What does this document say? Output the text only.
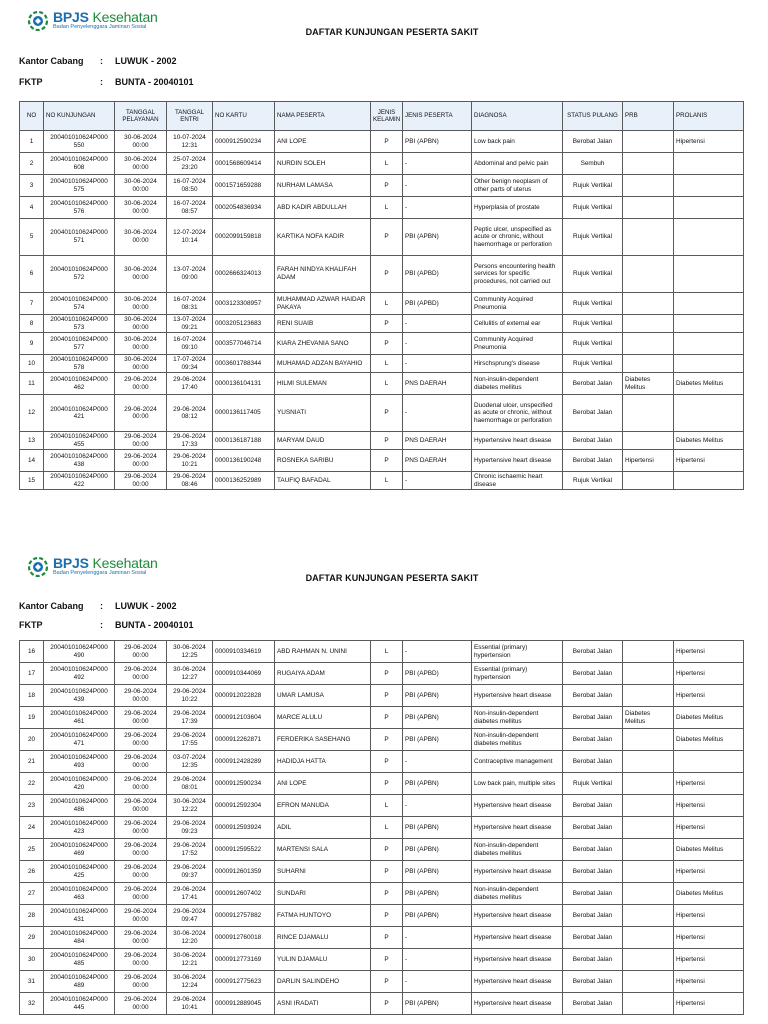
BPJS Kesehatan
Badan Penyelenggara Jaminan Sosial	DAFTAR KUNJUNGAN PESERTA SAKIT
Kantor Cabang : LUWUK - 2002
FKTP	: BUNTA - 20040101
NO	NO KUNJUNGAN	TANGGAL PELAYANAN	TANGGAL ENTRI	NO KARTU	NAMA PESERTA	JENIS KELAMIN	JENIS PESERTA	DIAGNOSA	STATUS PULANG	PRB	PROLANIS
1	200401010624P000 550	30-06-2024 00:00	10-07-2024 12:31	0000912590234	ANI LOPE	P	PBI (APBN)	Low back pain	Berobat Jalan		Hipertensi
2	200401010624P000 608	30-06-2024 00:00	25-07-2024 23:20	0001568609414	NURDIN SOLEH	L	-	Abdominal and pelvic pain	Sembuh		
3	200401010624P000 575	30-06-2024 00:00	16-07-2024 08:50	0001571659288	NURHAM LAMASA	P	-	Other benign neoplasm of other parts of uterus	Rujuk Vertikal		
4	200401010624P000 576	30-06-2024 00:00	16-07-2024 08:57	0002054836934	ABD KADIR ABDULLAH	L	-	Hyperplasia of prostate	Rujuk Vertikal		
5	200401010624P000 571	30-06-2024 00:00	12-07-2024 10:14	0002099159818	KARTIKA NOFA KADIR	P	PBI (APBN)	Peptic ulcer, unspecified as acute or chronic, without haemorrhage or perforation	Rujuk Vertikal		
6	200401010624P000 572	30-06-2024 00:00	13-07-2024 09:00	0002666324013	FARAH NINDYA KHALIFAH ADAM	P	PBI (APBD)	Persons encountering health services for specific procedures, not carried out	Rujuk Vertikal		
7	200401010624P000 574	30-06-2024 00:00	16-07-2024 08:31	0003123308957	MUHAMMAD AZWAR HAIDAR PAKAYA	L	PBI (APBD)	Community Acquired Pneumonia	Rujuk Vertikal		
8	200401010624P000 573	30-06-2024 00:00	13-07-2024 09:21	0003205123683	RENI SUAIB	P	-	Cellulitis of external ear	Rujuk Vertikal		
9	200401010624P000 577	30-06-2024 00:00	16-07-2024 09:10	0003577046714	KIARA ZHEVANIA SANO	P	-	Community Acquired Pneumonia	Rujuk Vertikal		
10	200401010624P000 578	30-06-2024 00:00	17-07-2024 09:34	0003601788344	MUHAMAD ADZAN BAYAHIO	L	-	Hirschsprung's disease	Rujuk Vertikal		
11	200401010624P000 462	29-06-2024 00:00	29-06-2024 17:40	0000136104131	HILMI SULEMAN	L	PNS DAERAH	Non-insulin-dependent diabetes mellitus	Berobat Jalan	Diabetes Melitus	Diabetes Melitus
12	200401010624P000 421	29-06-2024 00:00	29-06-2024 08:12	0000136117405	YUSNIATI	P	-	Duodenal ulcer, unspecified as acute or chronic, without haemorrhage or perforation	Berobat Jalan		
13	200401010624P000 455	29-06-2024 00:00	29-06-2024 17:33	0000136187188	MARYAM DAUD	P	PNS DAERAH	Hypertensive heart disease	Berobat Jalan		Diabetes Melitus
14	200401010624P000 438	29-06-2024 00:00	29-06-2024 10:21	0000136190248	ROSNEKA SARIBU	P	PNS DAERAH	Hypertensive heart disease	Berobat Jalan	Hipertensi	Hipertensi
15	200401010624P000 422	29-06-2024 00:00	29-06-2024 08:46	0000136252989	TAUFIQ BAFADAL	L	-	Chronic ischaemic heart disease	Rujuk Vertikal		
BPJS Kesehatan
Badan Penyelenggara Jaminan Sosial	DAFTAR KUNJUNGAN PESERTA SAKIT
Kantor Cabang : LUWUK - 2002
FKTP	: BUNTA - 20040101
16	200401010624P000 490	29-06-2024 00:00	30-06-2024 12:25	0000910334619	ABD RAHMAN N. UNINI	L	-	Essential (primary) hypertension	Berobat Jalan		Hipertensi
17	200401010624P000 492	29-06-2024 00:00	30-06-2024 12:27	0000910344069	RUGAIYA ADAM	P	PBI (APBD)	Essential (primary) hypertension	Berobat Jalan		Hipertensi
18	200401010624P000 439	29-06-2024 00:00	29-06-2024 10:22	0000912022828	UMAR LAMUSA	P	PBI (APBN)	Hypertensive heart disease	Berobat Jalan		Hipertensi
19	200401010624P000 461	29-06-2024 00:00	29-06-2024 17:39	0000912103604	MARCE ALULU	P	PBI (APBN)	Non-insulin-dependent diabetes mellitus	Berobat Jalan	Diabetes Melitus	Diabetes Melitus
20	200401010624P000 471	29-06-2024 00:00	29-06-2024 17:55	0000912262871	FERDERIKA SASEHANG	P	PBI (APBN)	Non-insulin-dependent diabetes mellitus	Berobat Jalan		Diabetes Melitus
21	200401010624P000 493	29-06-2024 00:00	03-07-2024 12:35	0000912428289	HADIDJA HATTA	P	-	Contraceptive management	Berobat Jalan		
22	200401010624P000 420	29-06-2024 00:00	29-06-2024 08:01	0000912590234	ANI LOPE	P	PBI (APBN)	Low back pain, multiple sites	Rujuk Vertikal		Hipertensi
23	200401010624P000 486	29-06-2024 00:00	30-06-2024 12:22	0000912592304	EFRON MANUDA	L	-	Hypertensive heart disease	Berobat Jalan		Hipertensi
24	200401010624P000 423	29-06-2024 00:00	29-06-2024 09:23	0000912593924	ADIL	L	PBI (APBN)	Hypertensive heart disease	Berobat Jalan		Hipertensi
25	200401010624P000 469	29-06-2024 00:00	29-06-2024 17:52	0000912595522	MARTENSI SALA	P	PBI (APBN)	Non-insulin-dependent diabetes mellitus	Berobat Jalan		Diabetes Melitus
26	200401010624P000 425	29-06-2024 00:00	29-06-2024 09:37	0000912601359	SUHARNI	P	PBI (APBN)	Hypertensive heart disease	Berobat Jalan		Hipertensi
27	200401010624P000 463	29-06-2024 00:00	29-06-2024 17:41	0000912607402	SUNDARI	P	PBI (APBN)	Non-insulin-dependent diabetes mellitus	Berobat Jalan		Diabetes Melitus
28	200401010624P000 431	29-06-2024 00:00	29-06-2024 09:47	0000912757882	FATMA HUNTOYO	P	PBI (APBN)	Hypertensive heart disease	Berobat Jalan		Hipertensi
29	200401010624P000 484	29-06-2024 00:00	30-06-2024 12:20	0000912760018	RINCE DJAMALU	P	-	Hypertensive heart disease	Berobat Jalan		Hipertensi
30	200401010624P000 485	29-06-2024 00:00	30-06-2024 12:21	0000912773169	YULIN DJAMALU	P	-	Hypertensive heart disease	Berobat Jalan		Hipertensi
31	200401010624P000 489	29-06-2024 00:00	30-06-2024 12:24	0000912775623	DARLIN SALINDEHO	P	-	Hypertensive heart disease	Berobat Jalan		Hipertensi
32	200401010624P000 445	29-06-2024 00:00	29-06-2024 10:41	0000912889045	ASNI IRADATI	P	PBI (APBN)	Hypertensive heart disease	Berobat Jalan		Hipertensi
